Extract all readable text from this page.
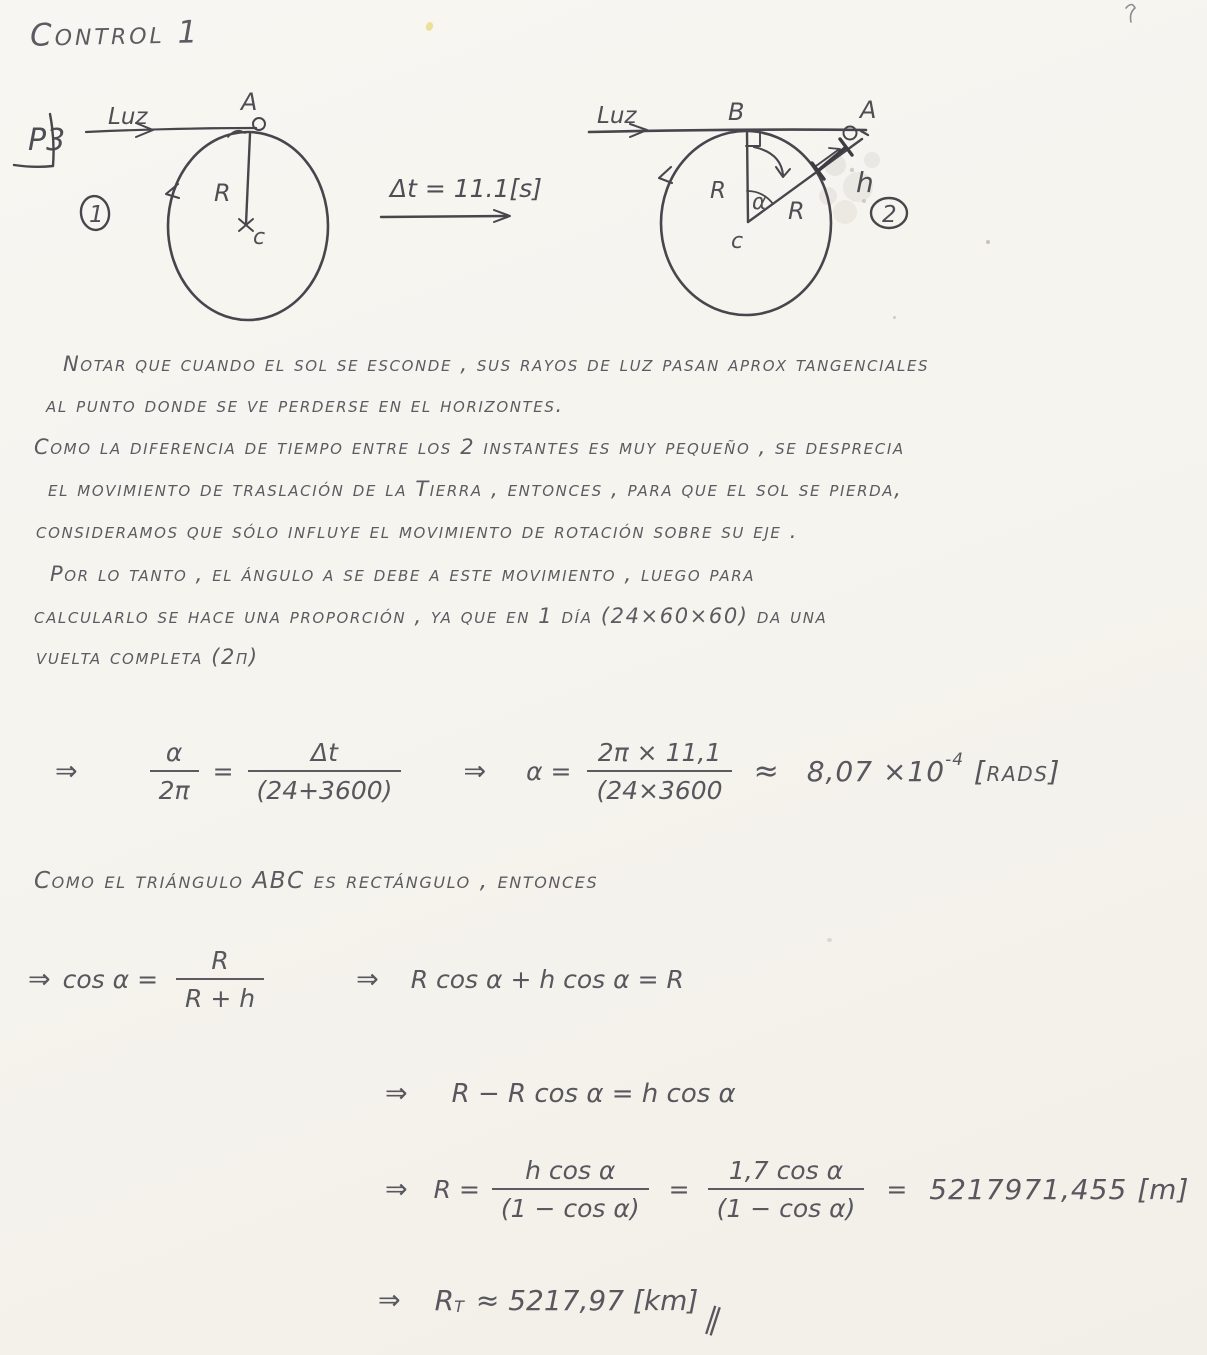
Control 1
P3
1
Luz
A
R
c
Δt = 11.1[s]
Luz	B	A
h
R α R
c
2
Notar que cuando el sol se esconde , sus rayos de luz pasan aprox tangenciales
al punto donde se ve perderse en el horizontes.
Como la diferencia de tiempo entre los 2 instantes es muy pequeño , se desprecia
el movimiento de traslación de la Tierra , entonces , para que el sol se pierda,
consideramos que sólo influye el movimiento de rotación sobre su eje .
Por lo tanto , el ángulo α se debe a este movimiento , luego para
calcularlo se hace una proporción , ya que en 1 día (24×60×60) da una
vuelta completa (2π)
⇒	$\frac{\alpha}{2\pi} = \frac{\Delta t}{(24+3600)}$ ⇒ $\alpha = \frac{2\pi \times 11,1}{(24\times 3600} \approx 8,07 \times 10^{-4}$ [rads]
Como el triángulo ABC es rectángulo , entonces
⇒ $\cos \alpha = \frac{R}{R + h}$	⇒ R cos α + h cos α = R
⇒ R − R cos α = h cos α
⇒ $R = \frac{\text{h cos α}}{\text{(1 − cos α)}} = \frac{\text{1,7 cos α}}{\text{(1 − cos α)}} = 5217971,455$ [m]
⇒ $R_T \approx 5217,97$ [km]
∥
